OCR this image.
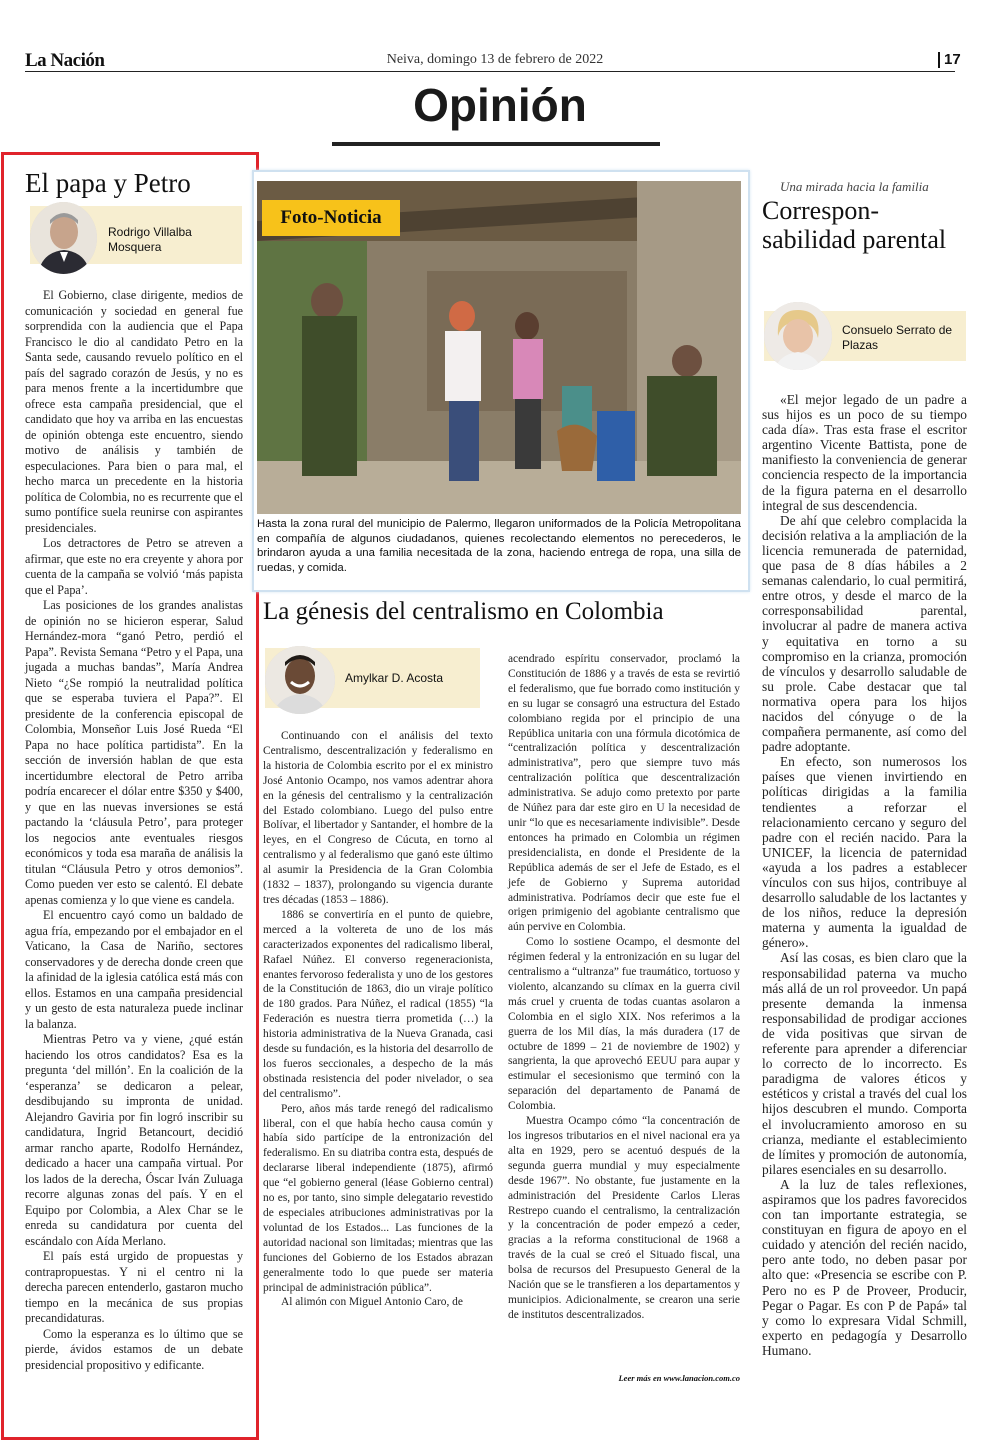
La Nación	Neiva, domingo 13 de febrero de 2022	17
Opinión
El papa y Petro
Rodrigo Villalba Mosquera

El Gobierno, clase dirigente, medios de comunicación y sociedad en general fue sorprendida con la audiencia que el Papa Francisco le dio al candidato Petro en la Santa sede, causando revuelo político en el país del sagrado corazón de Jesús, y no es para menos frente a la incertidumbre que ofrece esta campaña presidencial, que el candidato que hoy va arriba en las encuestas de opinión obtenga este encuentro, siendo motivo de análisis y también de especulaciones. Para bien o para mal, el hecho marca un precedente en la historia política de Colombia, no es recurrente que el sumo pontífice suela reunirse con aspirantes presidenciales.

Los detractores de Petro se atreven a afirmar, que este no era creyente y ahora por cuenta de la campaña se volvió ‘más papista que el Papa’.

Las posiciones de los grandes analistas de opinión no se hicieron esperar, Salud Hernández-mora “ganó Petro, perdió el Papa”. Revista Semana “Petro y el Papa, una jugada a muchas bandas”, María Andrea Nieto “¿Se rompió la neutralidad política que se esperaba tuviera el Papa?”. El presidente de la conferencia episcopal de Colombia, Monseñor Luis José Rueda “El Papa no hace política partidista”. En la sección de inversión hablan de que esta incertidumbre electoral de Petro arriba podría encarecer el dólar entre $350 y $400, y que en las nuevas inversiones se está pactando la ‘cláusula Petro’, para proteger los negocios ante eventuales riesgos económicos y toda esa maraña de análisis la titulan “Cláusula Petro y otros demonios”. Como pueden ver esto se calentó. El debate apenas comienza y lo que viene es candela.

El encuentro cayó como un baldado de agua fría, empezando por el embajador en el Vaticano, la Casa de Nariño, sectores conservadores y de derecha donde creen que la afinidad de la iglesia católica está más con ellos. Estamos en una campaña presidencial y un gesto de esta naturaleza puede inclinar la balanza.

Mientras Petro va y viene, ¿qué están haciendo los otros candidatos? Esa es la pregunta ‘del millón’. En la coalición de la ‘esperanza’ se dedicaron a pelear, desdibujando su impronta de unidad. Alejandro Gaviria por fin logró inscribir su candidatura, Ingrid Betancourt, decidió armar rancho aparte, Rodolfo Hernández, dedicado a hacer una campaña virtual. Por los lados de la derecha, Óscar Iván Zuluaga recorre algunas zonas del país. Y en el Equipo por Colombia, a Alex Char se le enreda su candidatura por cuenta del escándalo con Aída Merlano.

El país está urgido de propuestas y contrapropuestas. Y ni el centro ni la derecha parecen entenderlo, gastaron mucho tiempo en la mecánica de sus propias precandidaturas.

Como la esperanza es lo último que se pierde, ávidos estamos de un debate presidencial propositivo y edificante.

Foto-Noticia
Hasta la zona rural del municipio de Palermo, llegaron uniformados de la Policía Metropolitana en compañía de algunos ciudadanos, quienes recolectando elementos no perecederos, le brindaron ayuda a una familia necesitada de la zona, haciendo entrega de ropa, una silla de ruedas, y comida.
La génesis del centralismo en Colombia
Amylkar D. Acosta

Continuando con el análisis del texto Centralismo, descentralización y federalismo en la historia de Colombia escrito por el ex ministro José Antonio Ocampo, nos vamos adentrar ahora en la génesis del centralismo y la centralización del Estado colombiano. Luego del pulso entre Bolívar, el libertador y Santander, el hombre de la leyes, en el Congreso de Cúcuta, en torno al centralismo y al federalismo que ganó este último al asumir la Presidencia de la Gran Colombia (1832 – 1837), prolongando su vigencia durante tres décadas (1853 – 1886).

1886 se convertiría en el punto de quiebre, merced a la voltereta de uno de los más caracterizados exponentes del radicalismo liberal, Rafael Núñez. El converso regeneracionista, enantes fervoroso federalista y uno de los gestores de la Constitución de 1863, dio un viraje político de 180 grados. Para Núñez, el radical (1855) “la Federación es nuestra tierra prometida (…) la historia administrativa de la Nueva Granada, casi desde su fundación, es la historia del desarrollo de los fueros seccionales, a despecho de la más obstinada resistencia del poder nivelador, o sea del centralismo”.

Pero, años más tarde renegó del radicalismo liberal, con el que había hecho causa común y había sido partícipe de la entronización del federalismo. En su diatriba contra esta, después de declararse liberal independiente (1875), afirmó que “el gobierno general (léase Gobierno central) no es, por tanto, sino simple delegatario revestido de especiales atribuciones administrativas por la voluntad de los Estados... Las funciones de la autoridad nacional son limitadas; mientras que las funciones del Gobierno de los Estados abrazan generalmente todo lo que puede ser materia principal de administración pública”.

Al alimón con Miguel Antonio Caro, de

acendrado espíritu conservador, proclamó la Constitución de 1886 y a través de esta se revirtió el federalismo, que fue borrado como institución y en su lugar se consagró una estructura del Estado colombiano regida por el principio de una República unitaria con una fórmula dicotómica de “centralización política y descentralización administrativa”, pero que siempre tuvo más centralización política que descentralización administrativa. Se adujo como pretexto por parte de Núñez para dar este giro en U la necesidad de unir “lo que es necesariamente indivisible”. Desde entonces ha primado en Colombia un régimen presidencialista, en donde el Presidente de la República además de ser el Jefe de Estado, es el jefe de Gobierno y Suprema autoridad administrativa. Podríamos decir que este fue el origen primigenio del agobiante centralismo que aún pervive en Colombia.

Como lo sostiene Ocampo, el desmonte del régimen federal y la entronización en su lugar del centralismo a “ultranza” fue traumático, tortuoso y violento, alcanzando su clímax en la guerra civil más cruel y cruenta de todas cuantas asolaron a Colombia en el siglo XIX. Nos referimos a la guerra de los Mil días, la más duradera (17 de octubre de 1899 – 21 de noviembre de 1902) y sangrienta, la que aprovechó EEUU para aupar y estimular el secesionismo que terminó con la separación del departamento de Panamá de Colombia.

Muestra Ocampo cómo “la concentración de los ingresos tributarios en el nivel nacional era ya alta en 1929, pero se acentuó después de la segunda guerra mundial y muy especialmente desde 1967”. No obstante, fue justamente en la administración del Presidente Carlos Lleras Restrepo cuando el centralismo, la centralización y la concentración de poder empezó a ceder, gracias a la reforma constitucional de 1968 a través de la cual se creó el Situado fiscal, una bolsa de recursos del Presupuesto General de la Nación que se le transfieren a los departamentos y municipios. Adicionalmente, se crearon una serie de institutos descentralizados.

Leer más en www.lanacion.com.co
Una mirada hacia la familia
Correspon-sabilidad parental
Consuelo Serrato de Plazas

«El mejor legado de un padre a sus hijos es un poco de su tiempo cada día». Tras esta frase el escritor argentino Vicente Battista, pone de manifiesto la conveniencia de generar conciencia respecto de la importancia de la figura paterna en el desarrollo integral de sus descendencia.

De ahí que celebro complacida la decisión relativa a la ampliación de la licencia remunerada de paternidad, que pasa de 8 días hábiles a 2 semanas calendario, lo cual permitirá, entre otros, y desde el marco de la corresponsabilidad parental, involucrar al padre de manera activa y equitativa en torno a su compromiso en la crianza, promoción de vínculos y desarrollo saludable de su prole. Cabe destacar que tal normativa opera para los hijos nacidos del cónyuge o de la compañera permanente, así como del padre adoptante.

En efecto, son numerosos los países que vienen invirtiendo en políticas dirigidas a la familia tendientes a reforzar el relacionamiento cercano y seguro del padre con el recién nacido. Para la UNICEF, la licencia de paternidad «ayuda a los padres a establecer vínculos con sus hijos, contribuye al desarrollo saludable de los lactantes y de los niños, reduce la depresión materna y aumenta la igualdad de género».

Así las cosas, es bien claro que la responsabilidad paterna va mucho más allá de un rol proveedor. Un papá presente demanda la inmensa responsabilidad de prodigar acciones de vida positivas que sirvan de referente para aprender a diferenciar lo correcto de lo incorrecto. Es paradigma de valores éticos y estéticos y cristal a través del cual los hijos descubren el mundo. Comporta el involucramiento amoroso en su crianza, mediante el establecimiento de límites y promoción de autonomía, pilares esenciales en su desarrollo.

A la luz de tales reflexiones, aspiramos que los padres favorecidos con tan importante estrategia, se constituyan en figura de apoyo en el cuidado y atención del recién nacido, pero ante todo, no deben pasar por alto que: «Presencia se escribe con P. Pero no es P de Proveer, Producir, Pegar o Pagar. Es con P de Papá» tal y como lo expresara Vidal Schmill, experto en pedagogía y Desarrollo Humano.
